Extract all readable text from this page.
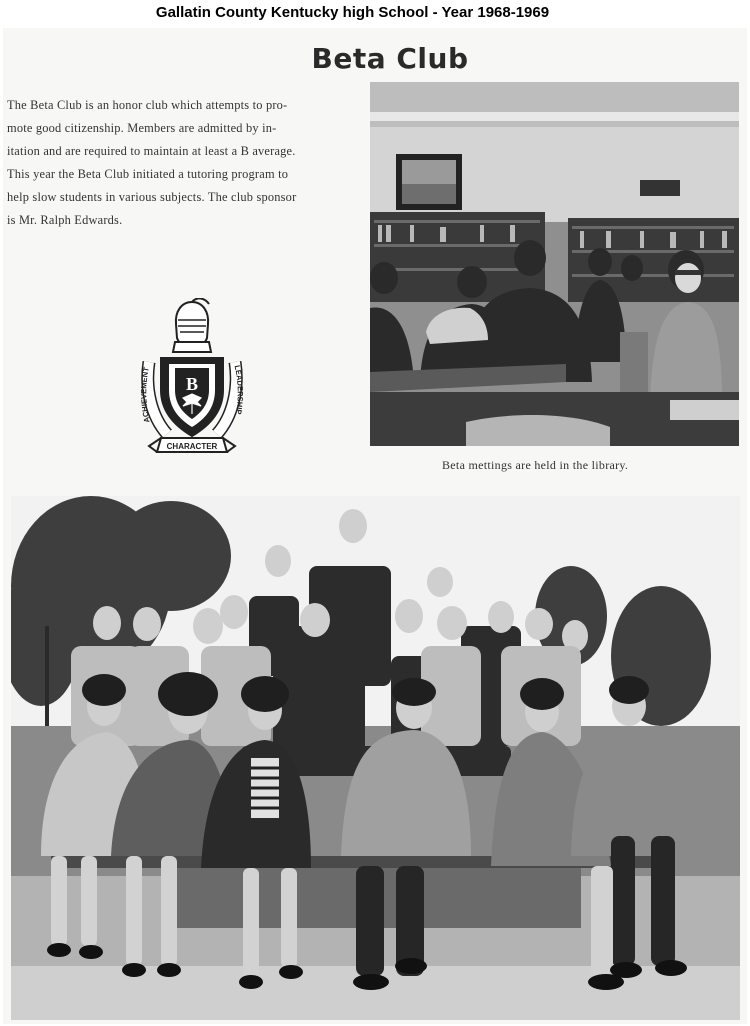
Gallatin County Kentucky high School - Year 1968-1969
Beta Club
The Beta Club is an honor club which attempts to pro-
mote good citizenship. Members are admitted by in-
itation and are required to maintain at least a B average.
This year the Beta Club initiated a tutoring program to
help slow students in various subjects. The club sponsor
is Mr. Ralph Edwards.
B
ACHIEVEMENT	LEADERSHIP
CHARACTER
Beta mettings are held in the library.
